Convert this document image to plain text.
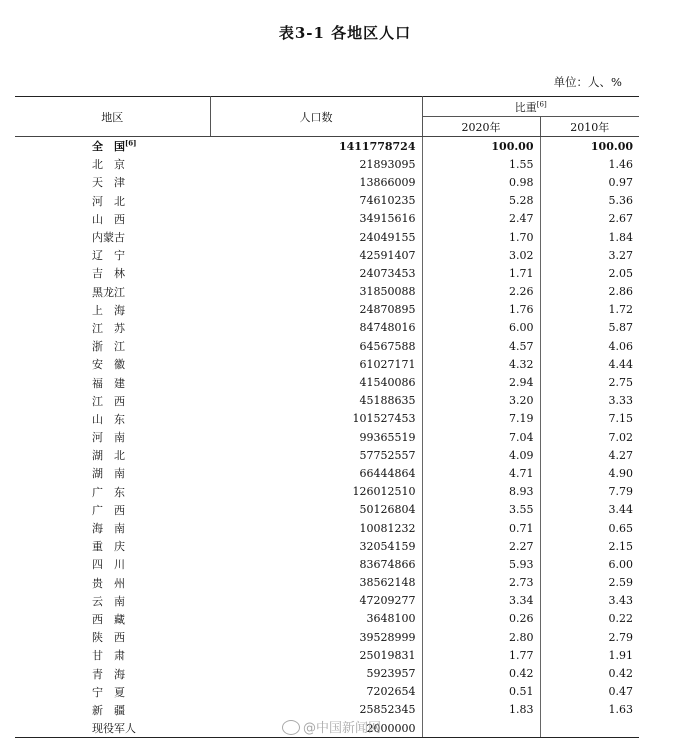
表3-1 各地区人口
单位：人、%
地区	人口数	比重[6]
		2020年	2010年
全　国[6]	1411778724	100.00	100.00
北　京	21893095	1.55	1.46
天　津	13866009	0.98	0.97
河　北	74610235	5.28	5.36
山　西	34915616	2.47	2.67
内蒙古	24049155	1.70	1.84
辽　宁	42591407	3.02	3.27
吉　林	24073453	1.71	2.05
黑龙江	31850088	2.26	2.86
上　海	24870895	1.76	1.72
江　苏	84748016	6.00	5.87
浙　江	64567588	4.57	4.06
安　徽	61027171	4.32	4.44
福　建	41540086	2.94	2.75
江　西	45188635	3.20	3.33
山　东	101527453	7.19	7.15
河　南	99365519	7.04	7.02
湖　北	57752557	4.09	4.27
湖　南	66444864	4.71	4.90
广　东	126012510	8.93	7.79
广　西	50126804	3.55	3.44
海　南	10081232	0.71	0.65
重　庆	32054159	2.27	2.15
四　川	83674866	5.93	6.00
贵　州	38562148	2.73	2.59
云　南	47209277	3.34	3.43
西　藏	3648100	0.26	0.22
陕　西	39528999	2.80	2.79
甘　肃	25019831	1.77	1.91
青　海	5923957	0.42	0.42
宁　夏	7202654	0.51	0.47
新　疆	25852345	1.83	1.63
现役军人	2000000		
@中国新闻网
